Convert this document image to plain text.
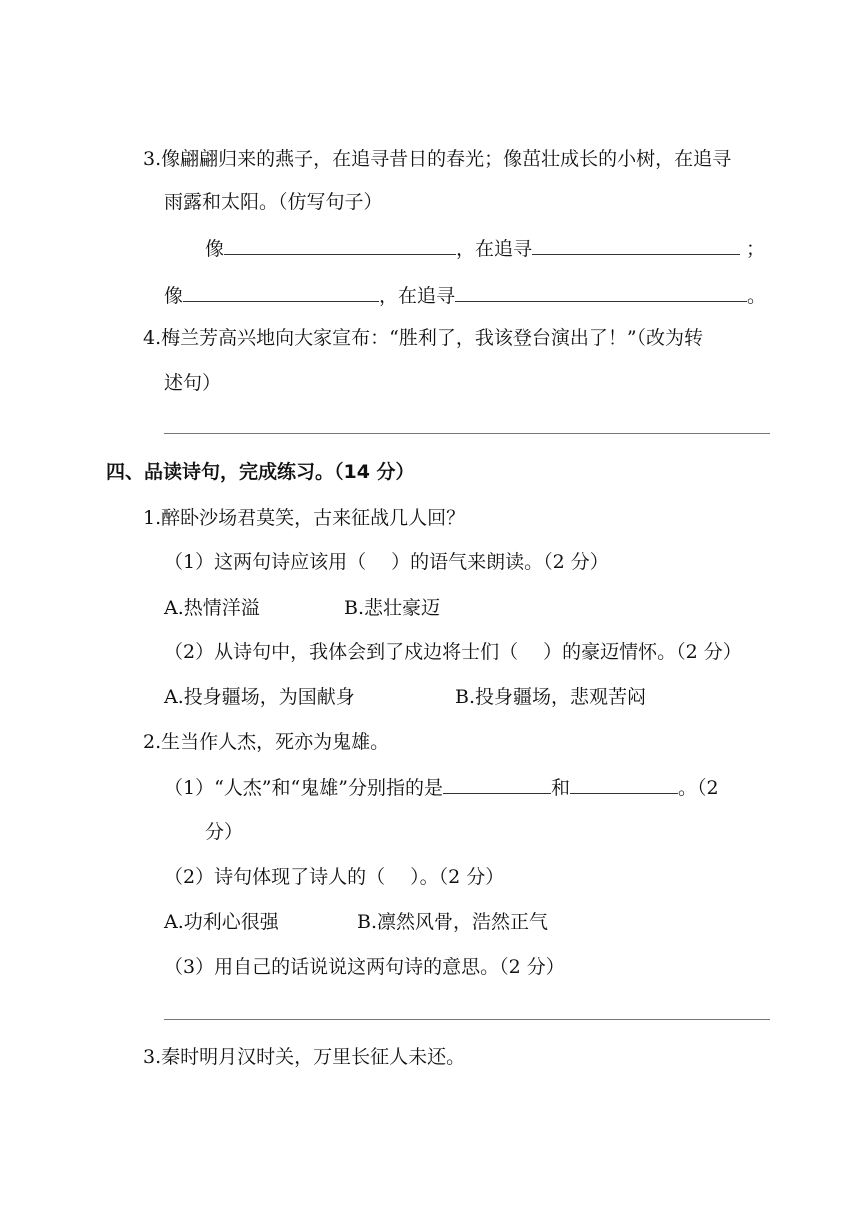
3.像翩翩归来的燕子，在追寻昔日的春光；像茁壮成长的小树，在追寻
雨露和太阳。（仿写句子）
像	，在追寻	；
像	，在追寻	。
4.梅兰芳高兴地向大家宣布：“胜利了，我该登台演出了！”（改为转
述句）
四、品读诗句，完成练习。（14 分）
1.醉卧沙场君莫笑，古来征战几人回？
（1）这两句诗应该用（　 ）的语气来朗读。（2 分）
A.热情洋溢	B.悲壮豪迈
（2）从诗句中，我体会到了戍边将士们（　 ）的豪迈情怀。（2 分）
A.投身疆场，为国献身	B.投身疆场，悲观苦闷
2.生当作人杰，死亦为鬼雄。
（1）“人杰”和“鬼雄”分别指的是	和	。（2
分）
（2）诗句体现了诗人的（　 ）。（2 分）
A.功利心很强	B.凛然风骨，浩然正气
（3）用自己的话说说这两句诗的意思。（2 分）
3.秦时明月汉时关，万里长征人未还。
